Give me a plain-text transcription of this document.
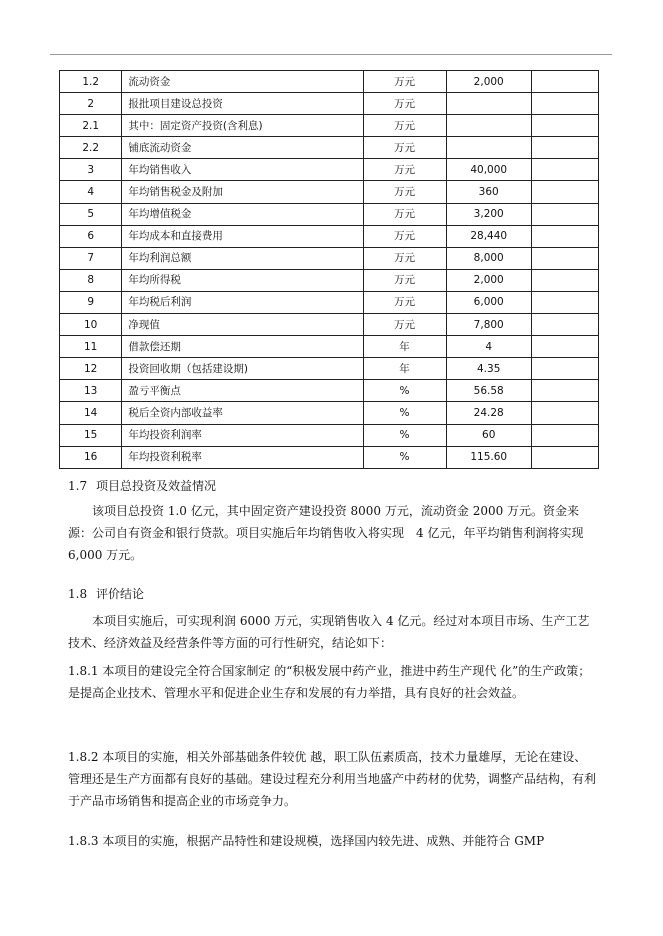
1.2	流动资金	万元	2,000	
2	报批项目建设总投资	万元		
2.1	其中：固定资产投资(含利息)	万元		
2.2	铺底流动资金	万元		
3	年均销售收入	万元	40,000	
4	年均销售税金及附加	万元	360	
5	年均增值税金	万元	3,200	
6	年均成本和直接费用	万元	28,440	
7	年均利润总额	万元	8,000	
8	年均所得税	万元	2,000	
9	年均税后利润	万元	6,000	
10	净现值	万元	7,800	
11	借款偿还期	年	4	
12	投资回收期（包括建设期)	年	4.35	
13	盈亏平衡点	%	56.58	
14	税后全资内部收益率	%	24.28	
15	年均投资利润率	%	60	
16	年均投资利税率	%	115.60	
1.7 项目总投资及效益情况
该项目总投资 1.0 亿元，其中固定资产建设投资 8000 万元，流动资金 2000 万元。资金来源：公司自有资金和银行贷款。项目实施后年均销售收入将实现　4 亿元，年平均销售利润将实现 6,000 万元。
1.8 评价结论
本项目实施后，可实现利润 6000 万元，实现销售收入 4 亿元。经过对本项目市场、生产工艺技术、经济效益及经营条件等方面的可行性研究，结论如下：
1.8.1 本项目的建设完全符合国家制定 的“积极发展中药产业，推进中药生产现代 化”的生产政策；是提高企业技术、管理水平和促进企业生存和发展的有力举措，具有良好的社会效益。
1.8.2 本项目的实施，相关外部基础条件较优 越，职工队伍素质高，技术力量雄厚，无论在建设、管理还是生产方面都有良好的基础。建设过程充分利用当地盛产中药材的优势，调整产品结构，有利于产品市场销售和提高企业的市场竞争力。
1.8.3 本项目的实施，根据产品特性和建设规模，选择国内较先进、成熟、并能符合 GMP
